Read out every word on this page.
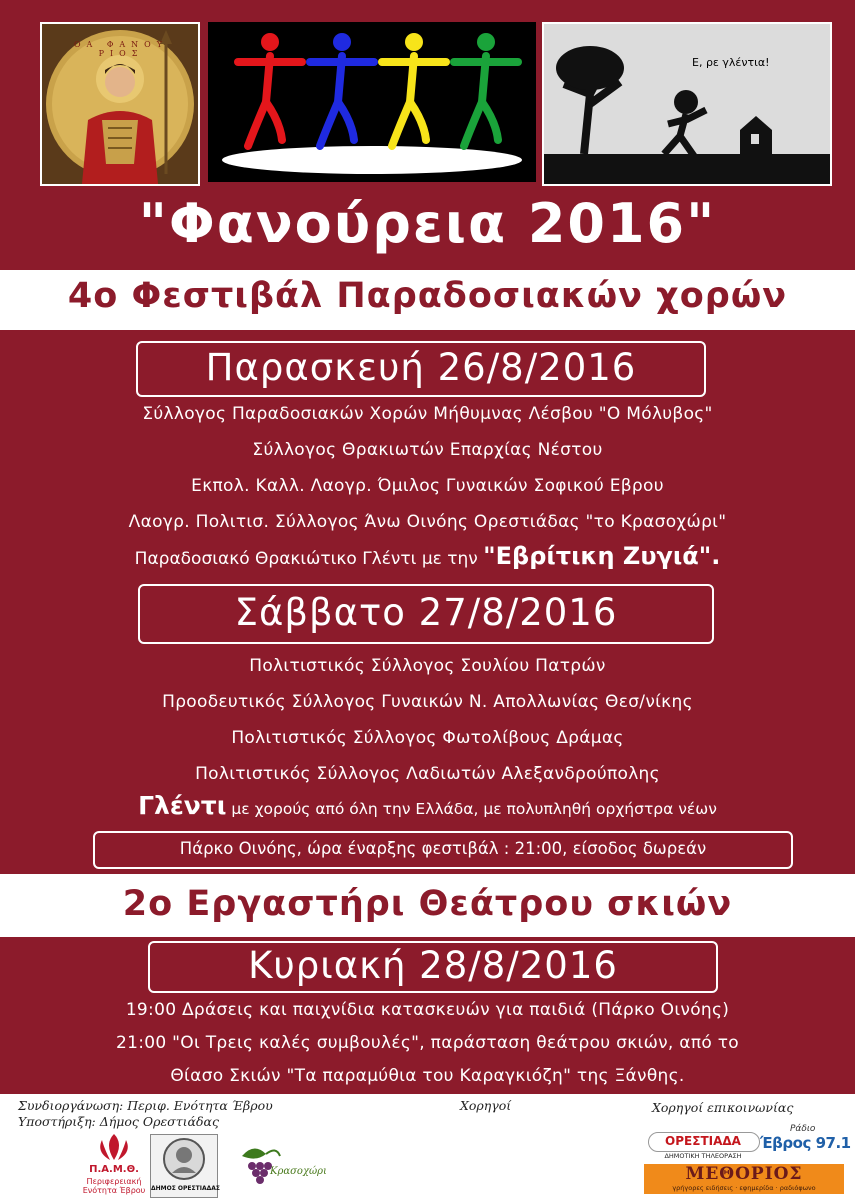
ΟΑ ΦΑΝΟΥ ΡΙΟΣ
Ε, ρε γλέντια!
"Φανούρεια 2016"
4ο Φεστιβάλ Παραδοσιακών χορών
Παρασκευή 26/8/2016
Σύλλογος Παραδοσιακών Χορών Μήθυμνας Λέσβου "Ο Μόλυβος"
Σύλλογος Θρακιωτών Επαρχίας Νέστου
Εκπολ. Καλλ. Λαογρ. Όμιλος Γυναικών Σοφικού Εβρου
Λαογρ. Πολιτισ. Σύλλογος Άνω Οινόης Ορεστιάδας "το Κρασοχώρι"
Παραδοσιακό Θρακιώτικο Γλέντι με την "Εβρίτικη Ζυγιά".
Σάββατο 27/8/2016
Πολιτιστικός Σύλλογος Σουλίου Πατρών
Προοδευτικός Σύλλογος Γυναικών Ν. Απολλωνίας Θεσ/νίκης
Πολιτιστικός Σύλλογος Φωτολίβους Δράμας
Πολιτιστικός Σύλλογος Λαδιωτών Αλεξανδρούπολης
Γλέντι με χορούς από όλη την Ελλάδα, με πολυπληθή ορχήστρα νέων
Πάρκο Οινόης, ώρα έναρξης φεστιβάλ : 21:00, είσοδος δωρεάν
2ο Εργαστήρι Θεάτρου σκιών
Κυριακή 28/8/2016
19:00 Δράσεις και παιχνίδια κατασκευών για παιδιά (Πάρκο Οινόης)
21:00 "Οι Τρεις καλές συμβουλές", παράσταση θεάτρου σκιών, από το
Θίασο Σκιών "Τα παραμύθια του Καραγκιόζη" της Ξάνθης.
Συνδιοργάνωση: Περιφ. Ενότητα Έβρου
Υποστήριξη: Δήμος Ορεστιάδας
Χορηγοί	Χορηγοί επικοινωνίας
Π.Α.Μ.Θ.
Περιφερειακή
Ενότητα Έβρου ΔΗΜΟΣ ΟΡΕΣΤΙΑΔΑΣ
Κρασοχώρι
ΟΡΕΣΤΙΑΔΑ
ΔΗΜΟΤΙΚΗ ΤΗΛΕΟΡΑΣΗ
Ράδιο
Έβρος 97.1
ΜΕΘΟΡΙΟΣ
γρήγορες ειδήσεις · εφημερίδα · ραδιόφωνο
